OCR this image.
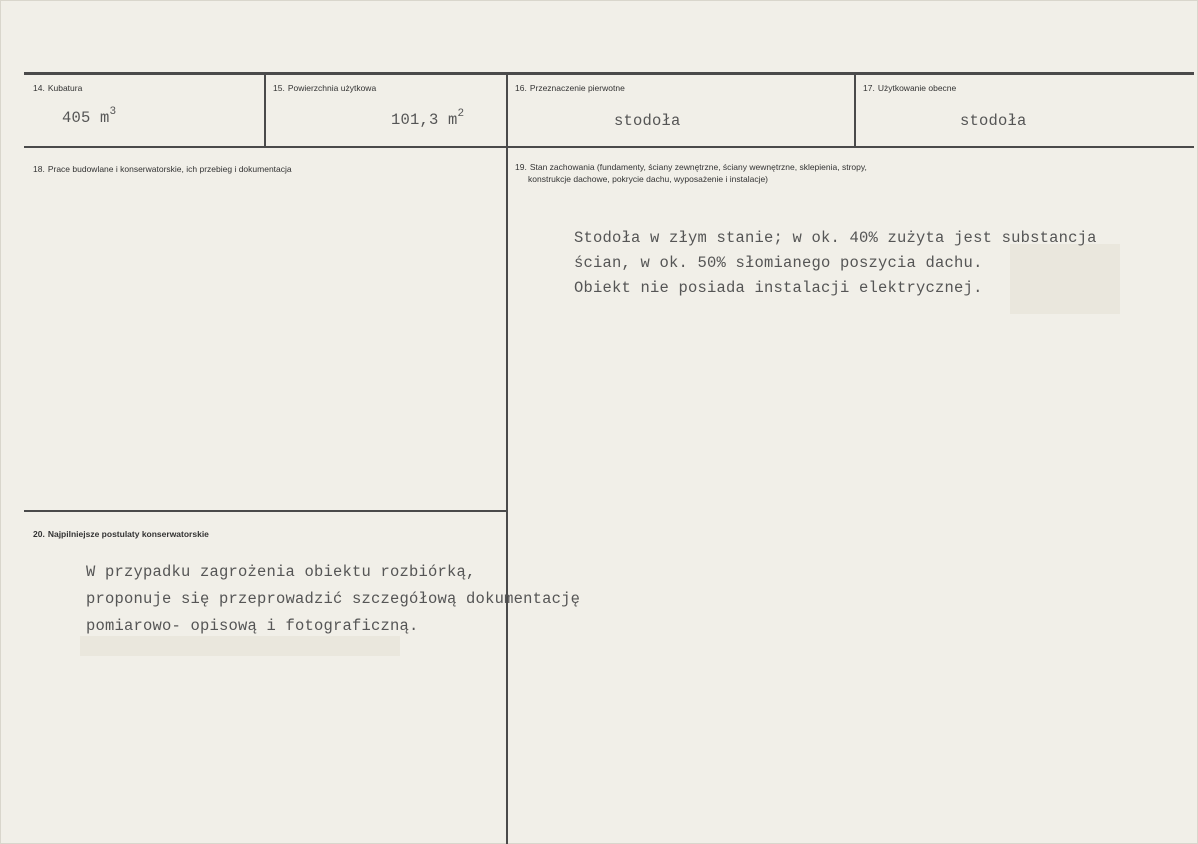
14. Kubatura
405 $m^3$
15. Powierzchnia użytkowa
101,3 $m^2$
16. Przeznaczenie pierwotne
stodoła
17. Użytkowanie obecne
stodoła
18. Prace budowlane i konserwatorskie, ich przebieg i dokumentacja	19. Stan zachowania (fundamenty, ściany zewnętrzne, ściany wewnętrzne, sklepienia, stropy,
konstrukcje dachowe, pokrycie dachu, wyposażenie i instalacje)
Stodoła w złym stanie; w ok. 40% zużyta jest substancja
ścian, w ok. 50% słomianego poszycia dachu.
Obiekt nie posiada instalacji elektrycznej.
20. Najpilniejsze postulaty konserwatorskie
W przypadku zagrożenia obiektu rozbiórką,
proponuje się przeprowadzić szczegółową dokumentację
pomiarowo- opisową i fotograficzną.
